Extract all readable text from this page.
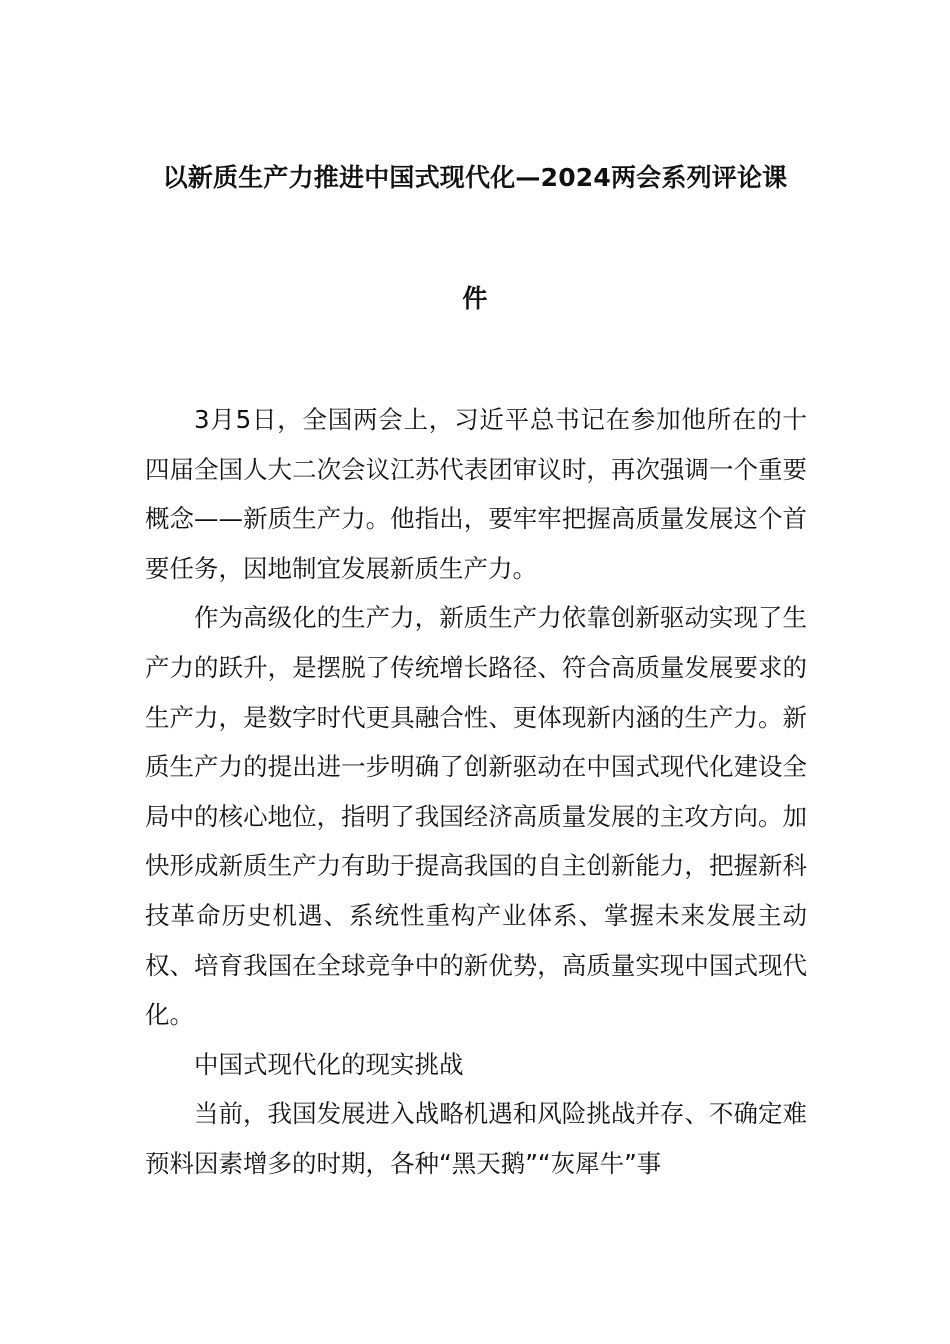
以新质生产力推进中国式现代化—2024两会系列评论课
件

3月5日，全国两会上，习近平总书记在参加他所在的十四届全国人大二次会议江苏代表团审议时，再次强调一个重要概念——新质生产力。他指出，要牢牢把握高质量发展这个首要任务，因地制宜发展新质生产力。

作为高级化的生产力，新质生产力依靠创新驱动实现了生产力的跃升，是摆脱了传统增长路径、符合高质量发展要求的生产力，是数字时代更具融合性、更体现新内涵的生产力。新质生产力的提出进一步明确了创新驱动在中国式现代化建设全局中的核心地位，指明了我国经济高质量发展的主攻方向。加快形成新质生产力有助于提高我国的自主创新能力，把握新科技革命历史机遇、系统性重构产业体系、掌握未来发展主动权、培育我国在全球竞争中的新优势，高质量实现中国式现代化。

中国式现代化的现实挑战

当前，我国发展进入战略机遇和风险挑战并存、不确定难预料因素增多的时期，各种“黑天鹅”“灰犀牛”事
